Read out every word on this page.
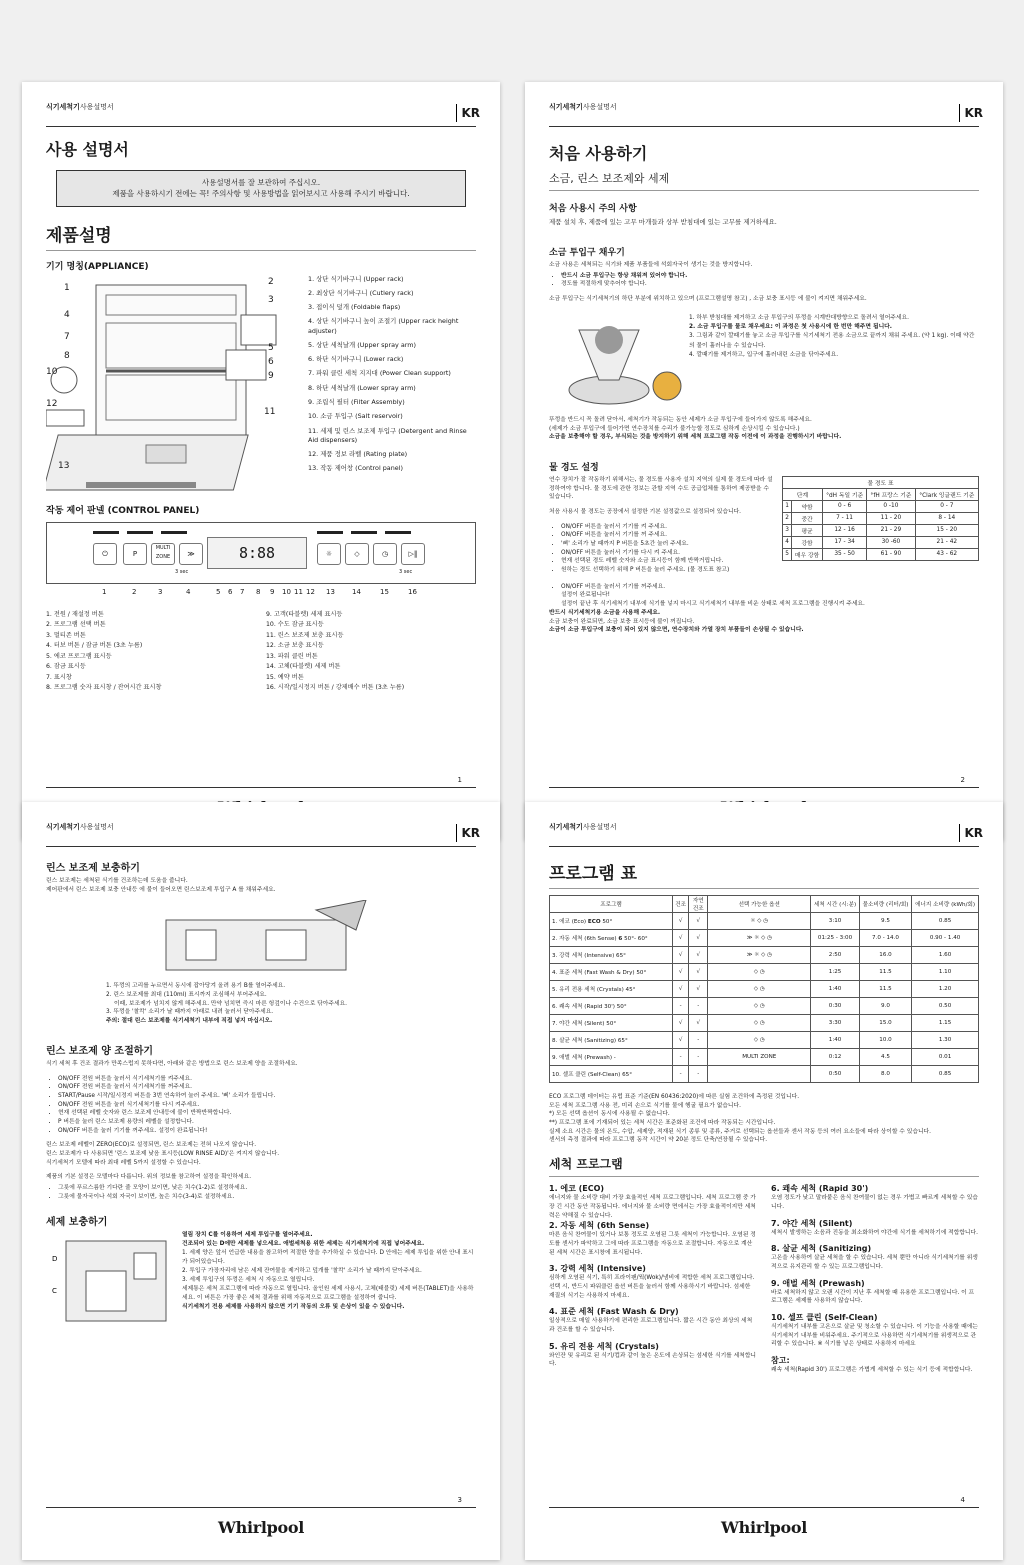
식기세척기사용설명서	KR
사용 설명서
사용설명서를 잘 보관하여 주십시오.
제품을 사용하시기 전에는 꼭! 주의사항 및 사용방법을 읽어보시고 사용해 주시기 바랍니다.
제품설명
기기 명칭(APPLIANCE)
1
2
3
4
5
6
7
8
9
10
11
12
13
1. 상단 식기바구니 (Upper rack)
2. 최상단 식기바구니 (Cutlery rack)
3. 접이식 덮개 (Foldable flaps)
4. 상단 식기바구니 높이 조절기 (Upper rack height adjuster)
5. 상단 세척날개 (Upper spray arm)
6. 하단 식기바구니 (Lower rack)
7. 파워 클린 세척 지지대 (Power Clean support)
8. 하단 세척날개 (Lower spray arm)
9. 조립식 필터 (Filter Assembly)
10. 소금 투입구 (Salt reservoir)
11. 세제 및 린스 보조제 투입구 (Detergent and Rinse Aid dispensers)
12. 제품 정보 라벨 (Rating plate)
13. 작동 제어창 (Control panel)
작동 제어 판넬 (CONTROL PANEL)
⏻	P
MULTI
ZONE	≫
3 sec
8:88	☼	◇	◷	▷‖
3 sec
1	2	3	4	5 6 7 8 9 10 11 12 13 14	15	16
1. 전원 / 재설정 버튼
2. 프로그램 선택 버튼
3. 멀티존 버튼
4. 터보 버튼 / 잠금 버튼 (3초 누름)
5. 에코 프로그램 표시등
6. 잠금 표시등
7. 표시창
8. 프로그램 숫자 표시창 / 잔여시간 표시창
9. 고객(타블렛) 세제 표시등
10. 수도 잠금 표시등
11. 린스 보조제 보충 표시등
12. 소금 보충 표시등
13. 파워 클린 버튼
14. 고체(타블렛) 세제 버튼
15. 예약 버튼
16. 시작/일시정지 버튼 / 강제배수 버튼 (3초 누름)
1
식기세척기사용설명서	KR
처음 사용하기
소금, 린스 보조제와 세제
처음 사용시 주의 사항
제품 설치 후, 제품에 있는 고무 마개들과 상부 받침대에 있는 고무를 제거하세요.
소금 투입구 채우기
소금 사용은 세척되는 식기와 제품 부품들에 석회자국이 생기는 것을 방지합니다.
• 반드시 소금 투입구는 항상 채워져 있어야 합니다.
• 경도를 적절하게 맞추어야 합니다.
소금 투입구는 식기세척기의 하단 부분에 위치하고 있으며 (프로그램설명 참고) , 소금 보충 표시등 에 불이 켜지면 채워주세요.
1. 하부 받침대를 제거하고 소금 투입구의 뚜껑을 시계반대방향으로 돌려서 열어주세요.
2. 소금 투입구를 물로 채우세요: 이 과정은 첫 사용시에 한 번만 해주면 됩니다.
3. 그림과 같이 깔때기를 놓고 소금 투입구를 식기세척기 전용 소금으로 끝까지 채워 주세요. (약 1 kg). 이때 약간의 물이 흘러나올 수 있습니다.
4. 깔때기를 제거하고, 입구에 흘러내린 소금을 닦아주세요.
뚜껑을 반드시 꼭 돌려 닫아서, 세척기가 작동되는 동안 세제가 소금 투입구에 들어가지 않도록 해주세요.
(세제가 소금 투입구에 들어가면 연수장치를 수리가 불가능할 정도로 심하게 손상시킬 수 있습니다.)
소금을 보충해야 할 경우, 부식되는 것을 방지하기 위해 세척 프로그램 작동 이전에 이 과정을 진행하시기 바랍니다.
물 경도 설정
연수 장치가 잘 작동하기 위해서는, 물 경도를 사용자 설치 지역의 실제 물 경도에 따라 설정하여야 합니다. 물 경도에 관한 정보는 관할 지역 수도 공급업체를 통하여 제공받을 수 있습니다.
처음 사용시 물 경도는 공장에서 설정한 기본 설정값으로 설정되어 있습니다.
• ON/OFF 버튼을 눌러서 기기를 켜 주세요.
• ON/OFF 버튼을 눌러서 기기를 꺼 주세요.
• '삐' 소리가 날 때까지 P 버튼을 5초간 눌러 주세요.
• ON/OFF 버튼을 눌러서 기기를 다시 켜 주세요.
• 현재 선택된 경도 레벨 숫자와 소금 표시등이 함께 반짝거립니다.
• 원하는 경도 선택하기 위해 P 버튼을 눌러 주세요. (물 경도표 참고)
물 경도 표				
단계		°dH 독일 기준	°fH 프랑스 기준	°Clark 잉글랜드 기준
1	약함	0 - 6	0 -10	0 - 7
2	중간	7 - 11	11 - 20	8 - 14
3	평균	12 - 16	21 - 29	15 - 20
4	강함	17 - 34	30 -60	21 - 42
5	매우 강함	35 - 50	61 - 90	43 - 62
• ON/OFF 버튼을 눌러서 기기를 꺼주세요.
설정이 완료됩니다!
설정이 끝난 후 식기세척기 내부에 식기를 넣지 마시고 식기세척기 내부를 비운 상태로 세척 프로그램을 진행시켜 주세요.
반드시 식기세척기용 소금을 사용해 주세요.
소금 보충이 완료되면, 소금 보충 표시등에 불이 꺼집니다.
소금이 소금 투입구에 보충이 되어 있지 않으면, 연수장치와 가열 장치 부품들이 손상될 수 있습니다.
2
식기세척기사용설명서	KR
린스 보조제 보충하기
린스 보조제는 세척된 식기를 건조하는데 도움을 줍니다.
제어판에서 린스 보조제 보충 안내등 에 불이 들어오면 린스보조제 투입구 A 를 채워주세요.
1. 뚜껑의 고리를 누르면서 동시에 잡아당겨 올려 용기 B를 열어주세요.
2. 린스 보조제를 최대 (110ml) 표시까지 조심해서 부어주세요.
이때, 보조제가 넘치지 않게 해주세요. 만약 넘치면 즉시 마른 헝겊이나 수건으로 닦아주세요.
3. 뚜껑을 '찰칵' 소리가 날 때까지 아래로 내려 눌러서 닫아주세요.
주의: 절대 린스 보조제를 식기세척기 내부에 직접 넣지 마십시오.
린스 보조제 양 조절하기
식기 세척 후 건조 결과가 만족스럽지 못하다면, 아래와 같은 방법으로 린스 보조제 양을 조절하세요.
• ON/OFF 전원 버튼을 눌러서 식기세척기를 켜주세요.
• ON/OFF 전원 버튼을 눌러서 식기세척기를 꺼주세요.
• START/Pause 시작/일시정지 버튼을 3번 연속하여 눌러 주세요. '삐' 소리가 들립니다.
• ON/OFF 전원 버튼을 눌러 식기세척기를 다시 켜주세요.
• 현재 선택된 레벨 숫자와 린스 보조제 안내등에 불이 반짝반짝합니다.
• P 버튼을 눌러 린스 보조제 용량의 레벨을 설정합니다.
• ON/OFF 버튼을 눌러 기기를 꺼주세요. 설정이 완료됩니다!
린스 보조제 레벨이 ZERO(ECO)로 설정되면, 린스 보조제는 전혀 나오지 않습니다.
린스 보조제가 다 사용되면 '린스 보조제 낮음 표시등(LOW RINSE AID)'은 켜지지 않습니다.
식기세척기 모델에 따라 최대 레벨 5까지 설정할 수 있습니다.
제품의 기본 설정은 모델마다 다릅니다. 위의 정보를 참고하여 설정을 확인하세요.
• 그릇에 푸르스름한 기다란 줄 모양이 보이면, 낮은 치수(1-2)로 설정하세요.
• 그릇에 물자국이나 석회 자국이 보이면, 높은 치수(3-4)로 설정하세요.
세제 보충하기
D
C
열림 장치 C를 이용하여 세제 투입구를 열어주세요.
건조되어 있는 D에만 세제를 넣으세요. 애벌세척용 위한 세제는 식기세척기에 직접 넣어주세요.
1. 세제 양은 앞서 언급한 내용을 참고하여 적절한 양을 추가하실 수 있습니다. D 안에는 세제 투입을 위한 안내 표시가 되어있습니다.
2. 투입구 가장자리에 남은 세제 잔여물을 제거하고 덮개를 '찰칵' 소리가 날 때까지 닫아주세요.
3. 세제 투입구의 뚜껑은 세척 시 자동으로 열립니다.
세제통은 세척 프로그램에 따라 자동으로 열립니다. 올인원 세제 사용시, 고체(태블릿) 세제 버튼(TABLET)을 사용하세요. 이 버튼은 가장 좋은 세척 결과를 위해 자동적으로 프로그램을 설정하여 줍니다.
식기세척기 전용 세제를 사용하지 않으면 기기 작동의 오류 및 손상이 있을 수 있습니다.
3
Whirlpool
식기세척기사용설명서	KR
프로그램 표
프로그램	건조	자연 건조	선택 가능한 옵션	세척 시간 (시:분)	물소비량 (리터/회)	에너지 소비량 (kWh/회)
1. 에코 (Eco) ECO 50°	√	√	☼ ◇ ◷	3:10	9.5	0.85
2. 자동 세척 (6th Sense) 6 50°- 60°	√	√	≫ ☼ ◇ ◷	01:25 - 3:00	7.0 - 14.0	0.90 - 1.40
3. 강력 세척 (Intensive) 65°	√	√	≫ ☼ ◇ ◷	2:50	16.0	1.60
4. 표준 세척 (Fast Wash & Dry) 50°	√	√	◇ ◷	1:25	11.5	1.10
5. 유리 전용 세척 (Crystals) 45°	√	√	◇ ◷	1:40	11.5	1.20
6. 쾌속 세척 (Rapid 30') 50°	-	-	◇ ◷	0:30	9.0	0.50
7. 야간 세척 (Silent) 50°	√	√	◇ ◷	3:30	15.0	1.15
8. 살균 세척 (Sanitizing) 65°	√	-	◇ ◷	1:40	10.0	1.30
9. 애벌 세척 (Prewash) -	-	-	MULTI ZONE	0:12	4.5	0.01
10. 셀프 클린 (Self-Clean) 65°	-	-		0:50	8.0	0.85
ECO 프로그램 데이터는 유럽 표준 기준(EN 60436:2020)에 따른 실험 조건하에 측정된 것입니다.
모든 세척 프로그램 사용 전, 미리 손으로 식기를 물에 헹굴 필요가 없습니다.
*) 모든 선택 옵션이 동시에 사용될 수 없습니다.
**) 프로그램 표에 기재되어 있는 세척 시간은 표준화된 조건에 따라 작동되는 시간입니다.
실제 소요 시간은 물의 온도, 수압, 세제양, 적재된 식기 종류 및 종류, 주거로 선택되는 옵션들과 센서 작동 등의 여러 요소들에 따라 상이할 수 있습니다.
센서의 측정 결과에 따라 프로그램 동작 시간이 약 20분 정도 단축/연장될 수 있습니다.
세척 프로그램
1. 에코 (ECO)
에너지와 물 소비량 대비 가장 효율적인 세척 프로그램입니다. 세척 프로그램 중 가장 긴 시간 동안 작동됩니다. 에너지와 물 소비량 면에서는 가장 효율적이지만 세척력은 약해질 수 있습니다.
2. 자동 세척 (6th Sense)
마른 음식 찬여물이 있거나 보통 정도로 오염된 그릇 세척이 가능합니다. 오염된 정도를 센서가 파악하고 그에 따라 프로그램을 자동으로 조절합니다. 자동으로 계산된 세척 시간은 표시창에 표시됩니다.
3. 강력 세척 (Intensive)
심하게 오염된 식기, 특히 프라이팬/웍(Wok)/냄비에 적합한 세척 프로그램입니다. 선택 시, 반드시 파워클린 옵션 버튼을 눌러서 함께 사용하시기 바랍니다. 섬세한 재질의 식기는 사용하지 마세요.
4. 표준 세척 (Fast Wash & Dry)
일상적으로 매일 사용하기에 편리한 프로그램입니다. 짧은 시간 동안 최상의 세척과 건조를 할 수 있습니다.
5. 유리 전용 세척 (Crystals)
와인잔 및 유리로 된 식기/컵과 같이 높은 온도에 손상되는 섬세한 식기를 세척합니다.
6. 쾌속 세척 (Rapid 30')
오염 정도가 낮고 말라붙은 음식 찬여물이 없는 경우 가볍고 빠르게 세척할 수 있습니다.
7. 야간 세척 (Silent)
세척시 발생하는 소음과 진동을 최소화하여 야간에 식기를 세척하기에 적합합니다.
8. 살균 세척 (Sanitizing)
고온을 사용하여 살균 세척을 할 수 있습니다. 세척 뿐만 아니라 식기세척기를 위생적으로 유지관리 할 수 있는 프로그램입니다.
9. 애벌 세척 (Prewash)
바로 세척하지 않고 오랜 시간이 지난 후 세척할 때 유용한 프로그램입니다. 이 프로그램은 세제를 사용하지 않습니다.
10. 셀프 클린 (Self-Clean)
식기세척기 내부를 고온으로 살균 및 청소할 수 있습니다. 이 기능을 사용할 때에는 식기세척기 내부를 비워주세요. 주기적으로 사용하면 식기세척기를 위생적으로 관리할 수 있습니다. ※ 식기를 넣은 상태로 사용하지 마세요
참고:
쾌속 세척(Rapid 30') 프로그램은 가볍게 세척할 수 있는 식기 등에 적합합니다.
4
Whirlpool
